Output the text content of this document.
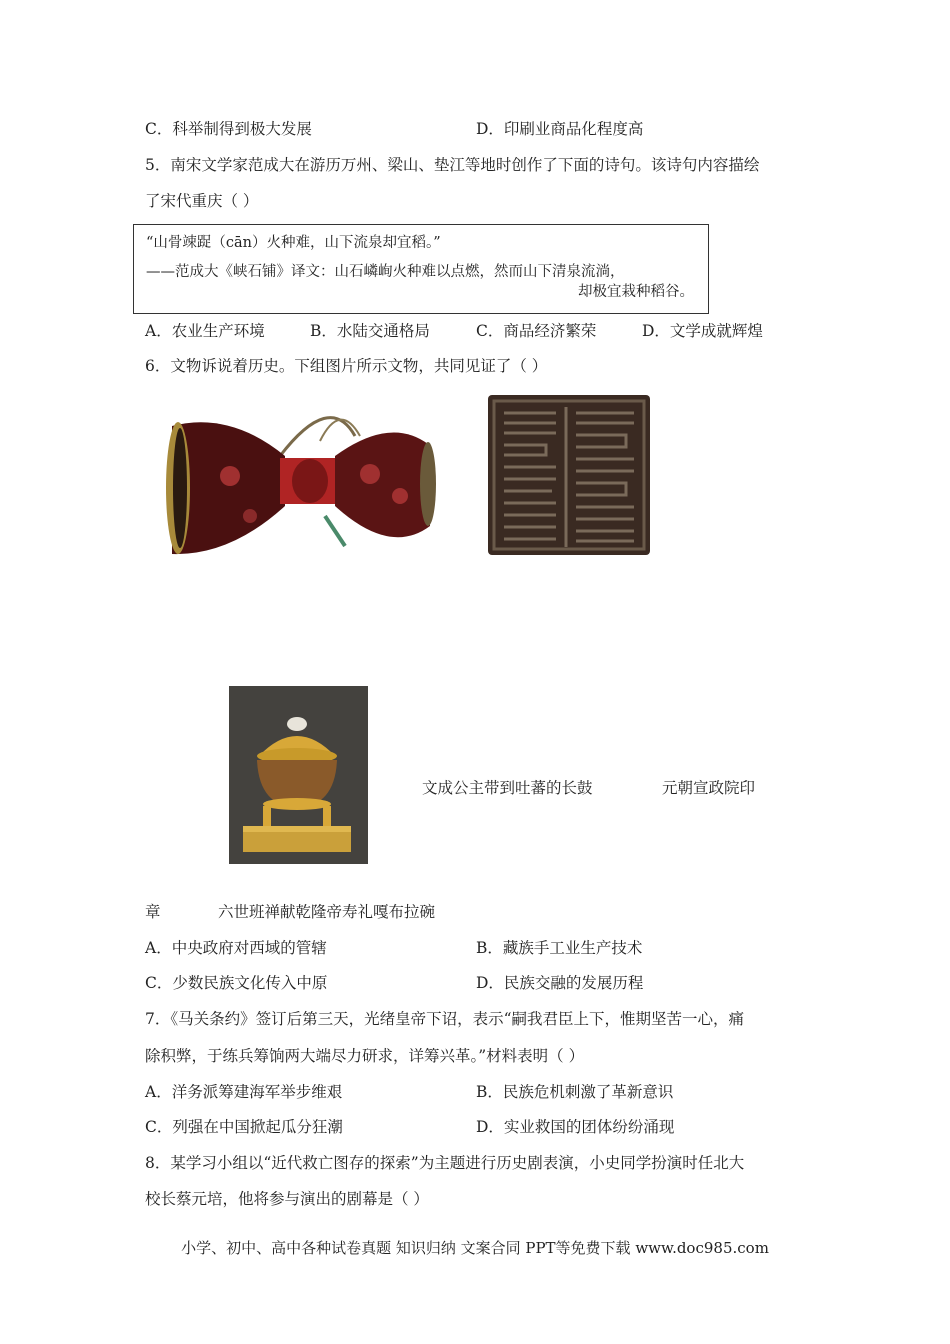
C．科举制得到极大发展	D．印刷业商品化程度高
5．南宋文学家范成大在游历万州、梁山、垫江等地时创作了下面的诗句。该诗句内容描绘
了宋代重庆（ ）
“山骨竦踀（cān）火种难，山下流泉却宜稻。”
——范成大《峡石铺》译文：山石嶙峋火种难以点燃，然而山下清泉流淌，
却极宜栽种稻谷。
A．农业生产环境	B．水陆交通格局	C．商品经济繁荣	D．文学成就辉煌
6．文物诉说着历史。下组图片所示文物，共同见证了（ ）
文成公主带到吐蕃的长鼓	元朝宣政院印
章	六世班禅献乾隆帝寿礼嘎布拉碗
A．中央政府对西域的管辖	B．藏族手工业生产技术
C．少数民族文化传入中原	D．民族交融的发展历程
7．《马关条约》签订后第三天，光绪皇帝下诏，表示“嗣我君臣上下，惟期坚苦一心，痛
除积弊，于练兵筹饷两大端尽力研求，详筹兴革。”材料表明（ ）
A．洋务派筹建海军举步维艰	B．民族危机刺激了革新意识
C．列强在中国掀起瓜分狂潮	D．实业救国的团体纷纷涌现
8．某学习小组以“近代救亡图存的探索”为主题进行历史剧表演，小史同学扮演时任北大
校长蔡元培，他将参与演出的剧幕是（ ）
小学、初中、高中各种试卷真题 知识归纳 文案合同 PPT等免费下载 www.doc985.com
